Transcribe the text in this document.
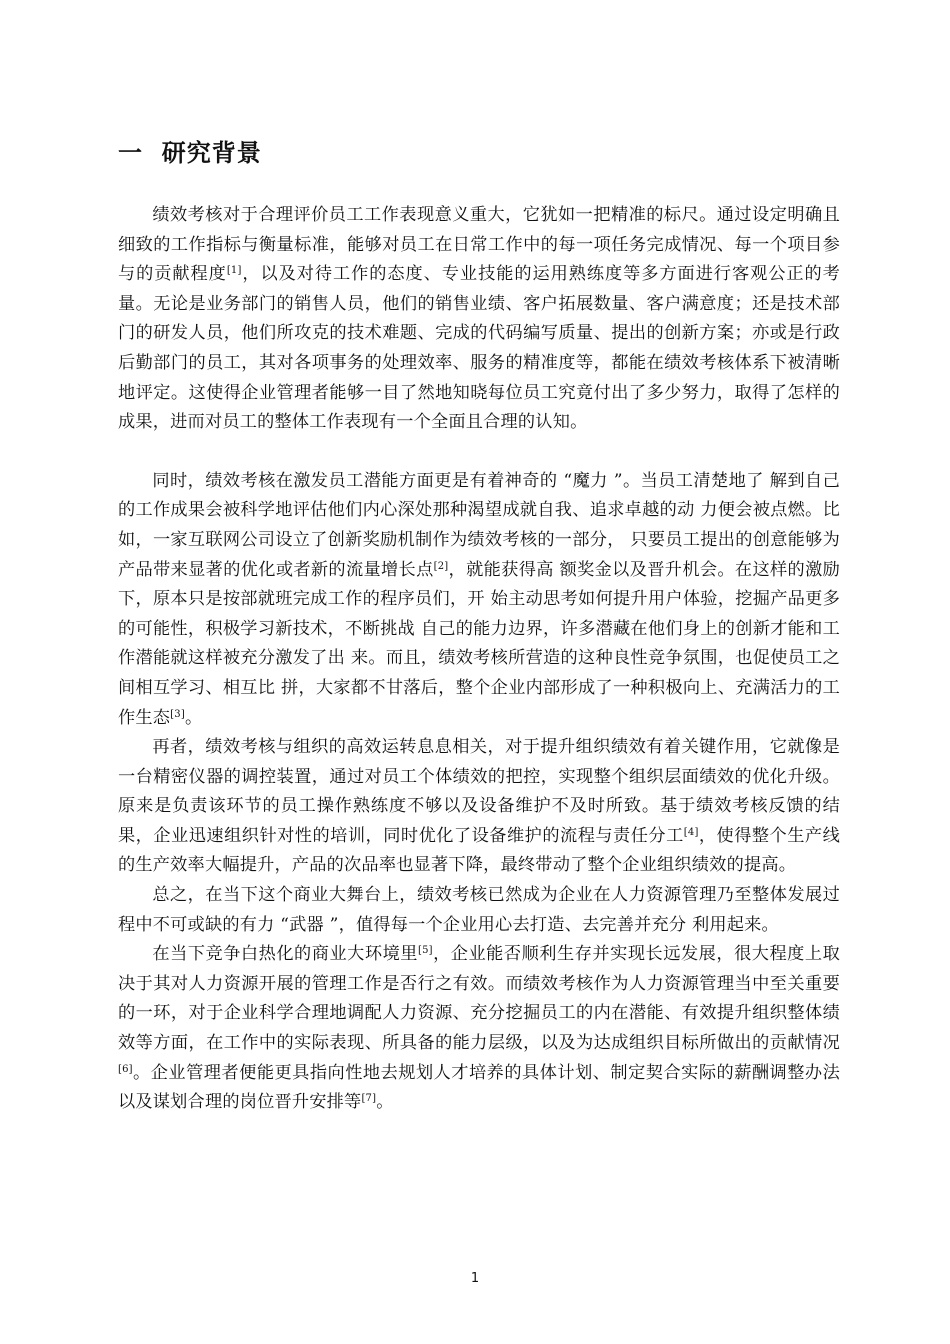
一  研究背景

绩效考核对于合理评价员工工作表现意义重大，它犹如一把精准的标尺。通过设定明确且细致的工作指标与衡量标准，能够对员工在日常工作中的每一项任务完成情况、每一个项目参与的贡献程度[1]，以及对待工作的态度、专业技能的运用熟练度等多方面进行客观公正的考量。无论是业务部门的销售人员，他们的销售业绩、客户拓展数量、客户满意度；还是技术部门的研发人员，他们所攻克的技术难题、完成的代码编写质量、提出的创新方案；亦或是行政后勤部门的员工，其对各项事务的处理效率、服务的精准度等，都能在绩效考核体系下被清晰地评定。这使得企业管理者能够一目了然地知晓每位员工究竟付出了多少努力，取得了怎样的成果，进而对员工的整体工作表现有一个全面且合理的认知。

同时，绩效考核在激发员工潜能方面更是有着神奇的 “魔力 ”。当员工清楚地了 解到自己的工作成果会被科学地评估他们内心深处那种渴望成就自我、追求卓越的动 力便会被点燃。比如，一家互联网公司设立了创新奖励机制作为绩效考核的一部分， 只要员工提出的创意能够为产品带来显著的优化或者新的流量增长点[2]，就能获得高 额奖金以及晋升机会。在这样的激励下，原本只是按部就班完成工作的程序员们，开 始主动思考如何提升用户体验，挖掘产品更多的可能性，积极学习新技术，不断挑战 自己的能力边界，许多潜藏在他们身上的创新才能和工作潜能就这样被充分激发了出 来。而且，绩效考核所营造的这种良性竞争氛围，也促使员工之间相互学习、相互比 拼，大家都不甘落后，整个企业内部形成了一种积极向上、充满活力的工作生态[3]。

再者，绩效考核与组织的高效运转息息相关，对于提升组织绩效有着关键作用，它就像是一台精密仪器的调控装置，通过对员工个体绩效的把控，实现整个组织层面绩效的优化升级。原来是负责该环节的员工操作熟练度不够以及设备维护不及时所致。基于绩效考核反馈的结果，企业迅速组织针对性的培训，同时优化了设备维护的流程与责任分工[4]，使得整个生产线的生产效率大幅提升，产品的次品率也显著下降，最终带动了整个企业组织绩效的提高。

总之，在当下这个商业大舞台上，绩效考核已然成为企业在人力资源管理乃至整体发展过程中不可或缺的有力 “武器 ”，值得每一个企业用心去打造、去完善并充分 利用起来。

在当下竞争白热化的商业大环境里[5]，企业能否顺利生存并实现长远发展，很大程度上取决于其对人力资源开展的管理工作是否行之有效。而绩效考核作为人力资源管理当中至关重要的一环，对于企业科学合理地调配人力资源、充分挖掘员工的内在潜能、有效提升组织整体绩效等方面，在工作中的实际表现、所具备的能力层级，以及为达成组织目标所做出的贡献情况[6]。企业管理者便能更具指向性地去规划人才培养的具体计划、制定契合实际的薪酬调整办法以及谋划合理的岗位晋升安排等[7]。

1
